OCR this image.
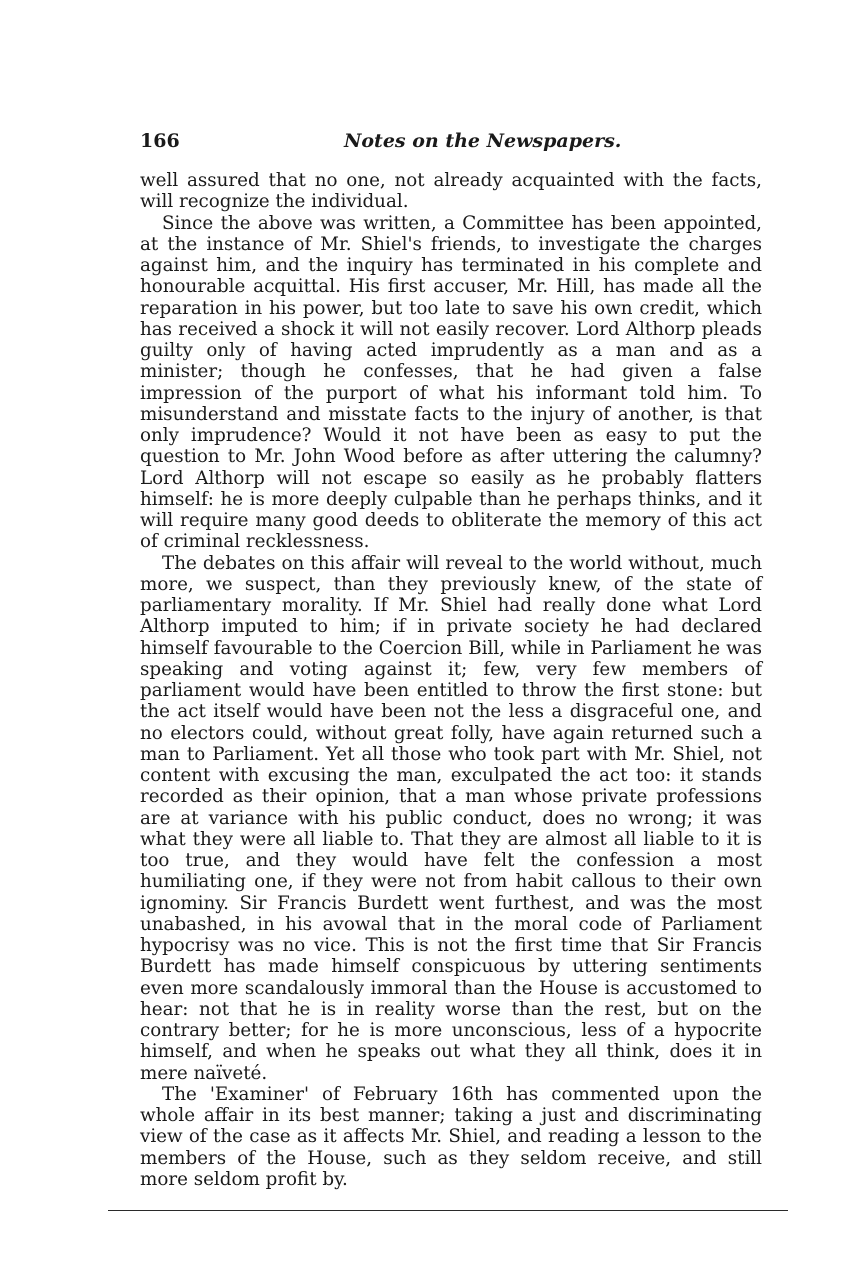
166	Notes on the Newspapers.

well assured that no one, not already acquainted with the facts, will recognize the individual.

Since the above was written, a Committee has been appointed, at the instance of Mr. Shiel's friends, to investigate the charges against him, and the inquiry has terminated in his complete and honourable acquittal. His first accuser, Mr. Hill, has made all the reparation in his power, but too late to save his own credit, which has received a shock it will not easily recover. Lord Althorp pleads guilty only of having acted imprudently as a man and as a minister; though he confesses, that he had given a false impression of the purport of what his informant told him. To misunderstand and misstate facts to the injury of another, is that only imprudence? Would it not have been as easy to put the question to Mr. John Wood before as after uttering the calumny? Lord Althorp will not escape so easily as he probably flatters himself: he is more deeply culpable than he perhaps thinks, and it will require many good deeds to obliterate the memory of this act of criminal recklessness.

The debates on this affair will reveal to the world without, much more, we suspect, than they previously knew, of the state of parliamentary morality. If Mr. Shiel had really done what Lord Althorp imputed to him; if in private society he had declared himself favourable to the Coercion Bill, while in Parliament he was speaking and voting against it; few, very few members of parliament would have been entitled to throw the first stone: but the act itself would have been not the less a disgraceful one, and no electors could, without great folly, have again returned such a man to Parliament. Yet all those who took part with Mr. Shiel, not content with excusing the man, exculpated the act too: it stands recorded as their opinion, that a man whose private professions are at variance with his public conduct, does no wrong; it was what they were all liable to. That they are almost all liable to it is too true, and they would have felt the confession a most humiliating one, if they were not from habit callous to their own ignominy. Sir Francis Burdett went furthest, and was the most unabashed, in his avowal that in the moral code of Parliament hypocrisy was no vice. This is not the first time that Sir Francis Burdett has made himself conspicuous by uttering sentiments even more scandalously immoral than the House is accustomed to hear: not that he is in reality worse than the rest, but on the contrary better; for he is more unconscious, less of a hypocrite himself, and when he speaks out what they all think, does it in mere naïveté.

The 'Examiner' of February 16th has commented upon the whole affair in its best manner; taking a just and discriminating view of the case as it affects Mr. Shiel, and reading a lesson to the members of the House, such as they seldom receive, and still more seldom profit by.
